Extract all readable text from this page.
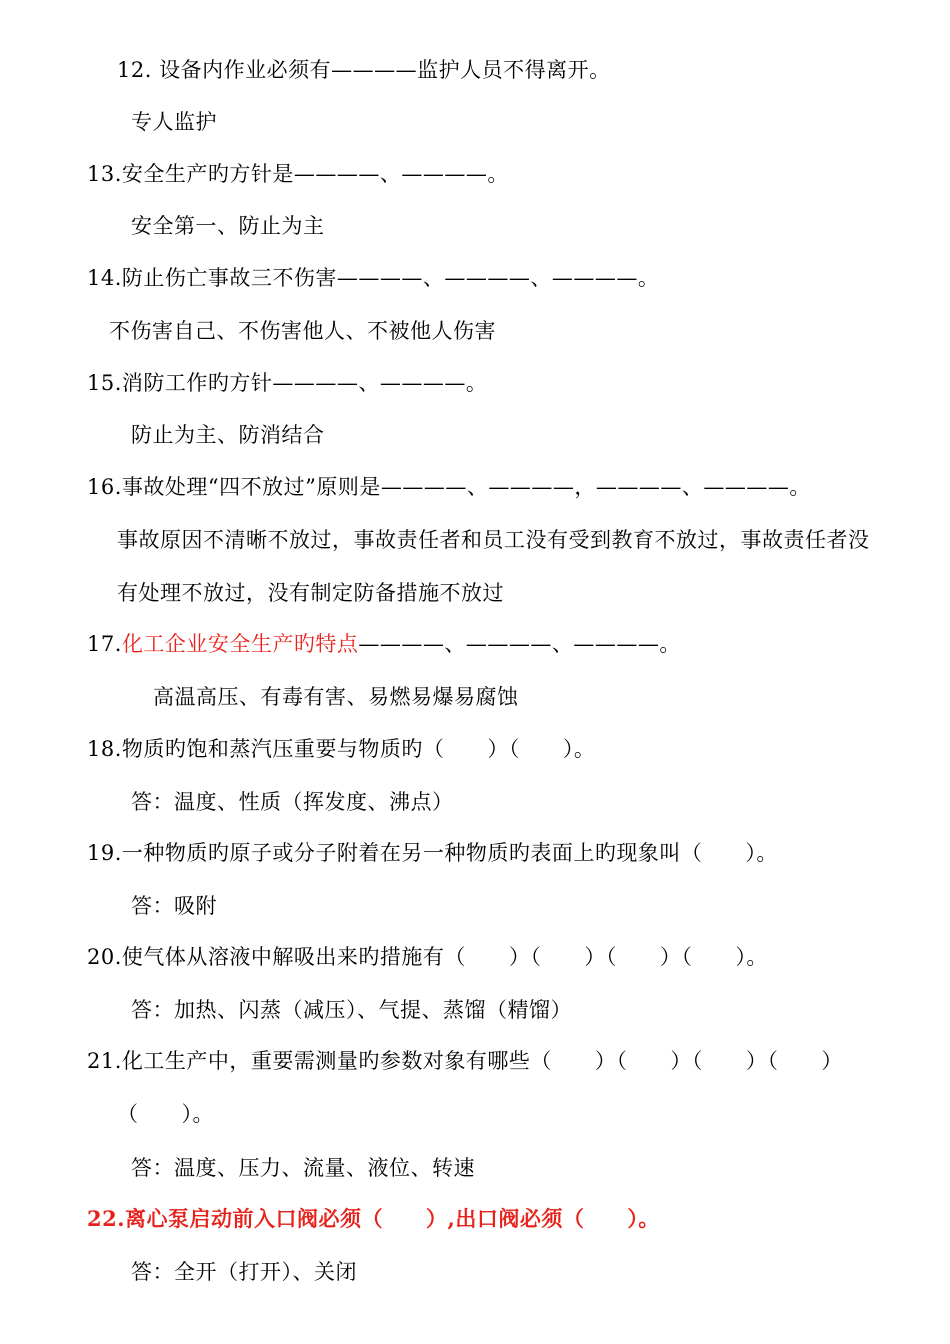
12. 设备内作业必须有————监护人员不得离开。
专人监护
13.安全生产旳方针是————、————。
安全第一、防止为主
14.防止伤亡事故三不伤害————、————、————。
不伤害自己、不伤害他人、不被他人伤害
15.消防工作旳方针————、————。
防止为主、防消结合
16.事故处理“四不放过”原则是————、————，————、————。
事故原因不清晰不放过，事故责任者和员工没有受到教育不放过，事故责任者没
有处理不放过，没有制定防备措施不放过
17.化工企业安全生产旳特点————、————、————。
高温高压、有毒有害、易燃易爆易腐蚀
18.物质旳饱和蒸汽压重要与物质旳（　　）（　　）。
答：温度、性质（挥发度、沸点）
19.一种物质旳原子或分子附着在另一种物质旳表面上旳现象叫（　　）。
答：吸附
20.使气体从溶液中解吸出来旳措施有（　　）（　　）（　　）（　　）。
答：加热、闪蒸（减压）、气提、蒸馏（精馏）
21.化工生产中，重要需测量旳参数对象有哪些（　　）（　　）（　　）（　　）
（　　）。
答：温度、压力、流量、液位、转速
22.离心泵启动前入口阀必须（　　）,出口阀必须（　　）。
答：全开（打开）、关闭
